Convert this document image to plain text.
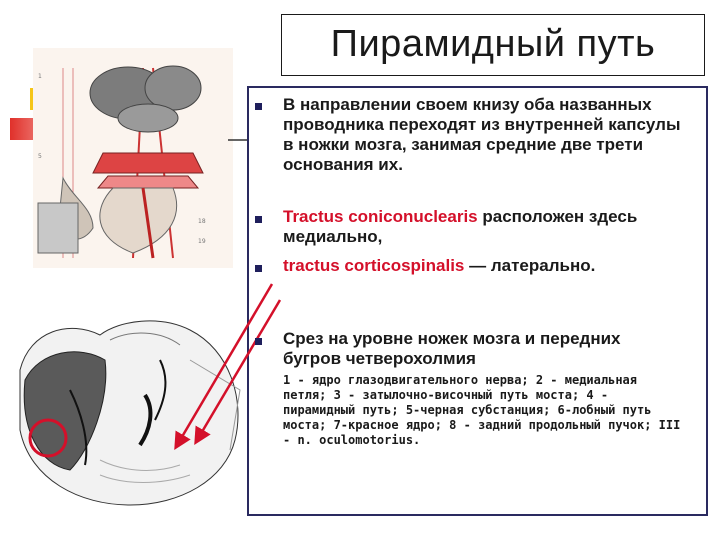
Пирамидный путь
1
5
18
19
В направлении своем книзу оба названных проводника переходят из внутренней капсулы в ножки мозга, занимая средние две трети основания их.
Tractus coniconuclearis расположен здесь медиально,
tractus corticospinalis — латерально.
Срез на уровне ножек мозга и передних бугров четверохолмия
1 - ядро глазодвигательного нерва; 2 - медиальная петля; 3 - затылочно-височный путь моста; 4 - пирамидный путь; 5-черная субстанция; 6-лобный путь моста; 7-красное ядро; 8 - задний продольный пучок; III - n. oculomotorius.
